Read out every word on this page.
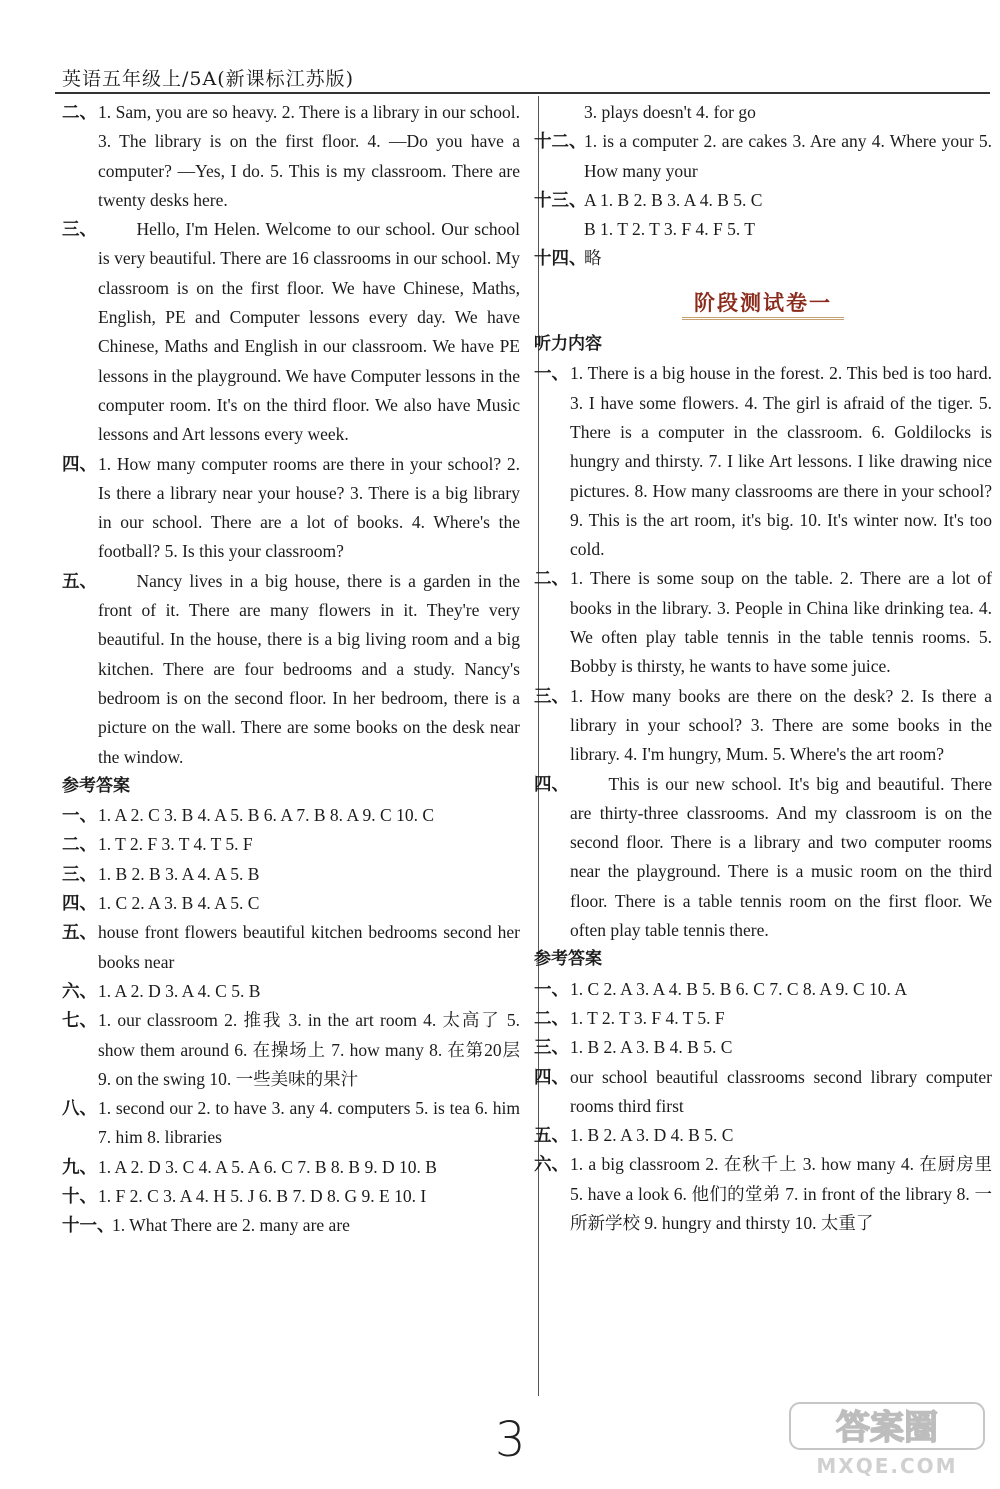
英语五年级上/5A(新课标江苏版)
二、 1. Sam, you are so heavy. 2. There is a library in our school. 3. The library is on the first floor. 4. —Do you have a computer? —Yes, I do. 5. This is my classroom. There are twenty desks here.
三、	Hello, I'm Helen. Welcome to our school. Our school is very beautiful. There are 16 classrooms in our school. My classroom is on the first floor. We have Chinese, Maths, English, PE and Computer lessons every day. We have Chinese, Maths and English in our classroom. We have PE lessons in the playground. We have Computer lessons in the computer room. It's on the third floor. We also have Music lessons and Art lessons every week.

四、 1. How many computer rooms are there in your school? 2. Is there a library near your house? 3. There is a big library in our school. There are a lot of books. 4. Where's the football? 5. Is this your classroom?
五、	Nancy lives in a big house, there is a garden in the front of it. There are many flowers in it. They're very beautiful. In the house, there is a big living room and a big kitchen. There are four bedrooms and a study. Nancy's bedroom is on the second floor. In her bedroom, there is a picture on the wall. There are some books on the desk near the window.

参考答案
一、 1. A 2. C 3. B 4. A 5. B 6. A 7. B 8. A 9. C 10. C
二、 1. T 2. F 3. T 4. T 5. F
三、 1. B 2. B 3. A 4. A 5. B
四、 1. C 2. A 3. B 4. A 5. C
五、 house front flowers beautiful kitchen bedrooms second her books near
六、 1. A 2. D 3. A 4. C 5. B
七、 1. our classroom 2. 推我 3. in the art room 4. 太高了 5. show them around 6. 在操场上 7. how many 8. 在第20层 9. on the swing 10. 一些美味的果汁
八、 1. second our 2. to have 3. any 4. computers 5. is tea 6. him 7. him 8. libraries
九、 1. A 2. D 3. C 4. A 5. A 6. C 7. B 8. B 9. D 10. B
十、 1. F 2. C 3. A 4. H 5. J 6. B 7. D 8. G 9. E 10. I
十一、
1. What There are 2. many are are
3. plays doesn't 4. for go
十二、
1. is a computer 2. are cakes 3. Are any 4. Where your 5. How many your
十三、
A 1. B 2. B 3. A 4. B 5. C
B 1. T 2. T 3. F 4. F 5. T
十四、
略
阶段测试卷一
听力内容
一、 1. There is a big house in the forest. 2. This bed is too hard. 3. I have some flowers. 4. The girl is afraid of the tiger. 5. There is a computer in the classroom. 6. Goldilocks is hungry and thirsty. 7. I like Art lessons. I like drawing nice pictures. 8. How many classrooms are there in your school? 9. This is the art room, it's big. 10. It's winter now. It's too cold.
二、 1. There is some soup on the table. 2. There are a lot of books in the library. 3. People in China like drinking tea. 4. We often play table tennis in the table tennis rooms. 5. Bobby is thirsty, he wants to have some juice.
三、 1. How many books are there on the desk? 2. Is there a library in your school? 3. There are some books in the library. 4. I'm hungry, Mum. 5. Where's the art room?
四、	This is our new school. It's big and beautiful. There are thirty-three classrooms. And my classroom is on the second floor. There is a library and two computer rooms near the playground. There is a music room on the third floor. There is a table tennis room on the first floor. We often play table tennis there.

参考答案
一、 1. C 2. A 3. A 4. B 5. B 6. C 7. C 8. A 9. C 10. A
二、 1. T 2. T 3. F 4. T 5. F
三、 1. B 2. A 3. B 4. B 5. C
四、 our school beautiful classrooms second library computer rooms third first
五、 1. B 2. A 3. D 4. B 5. C
六、 1. a big classroom 2. 在秋千上 3. how many 4. 在厨房里 5. have a look 6. 他们的堂弟 7. in front of the library 8. 一所新学校 9. hungry and thirsty 10. 太重了
3	答案圈
MXQE.COM
